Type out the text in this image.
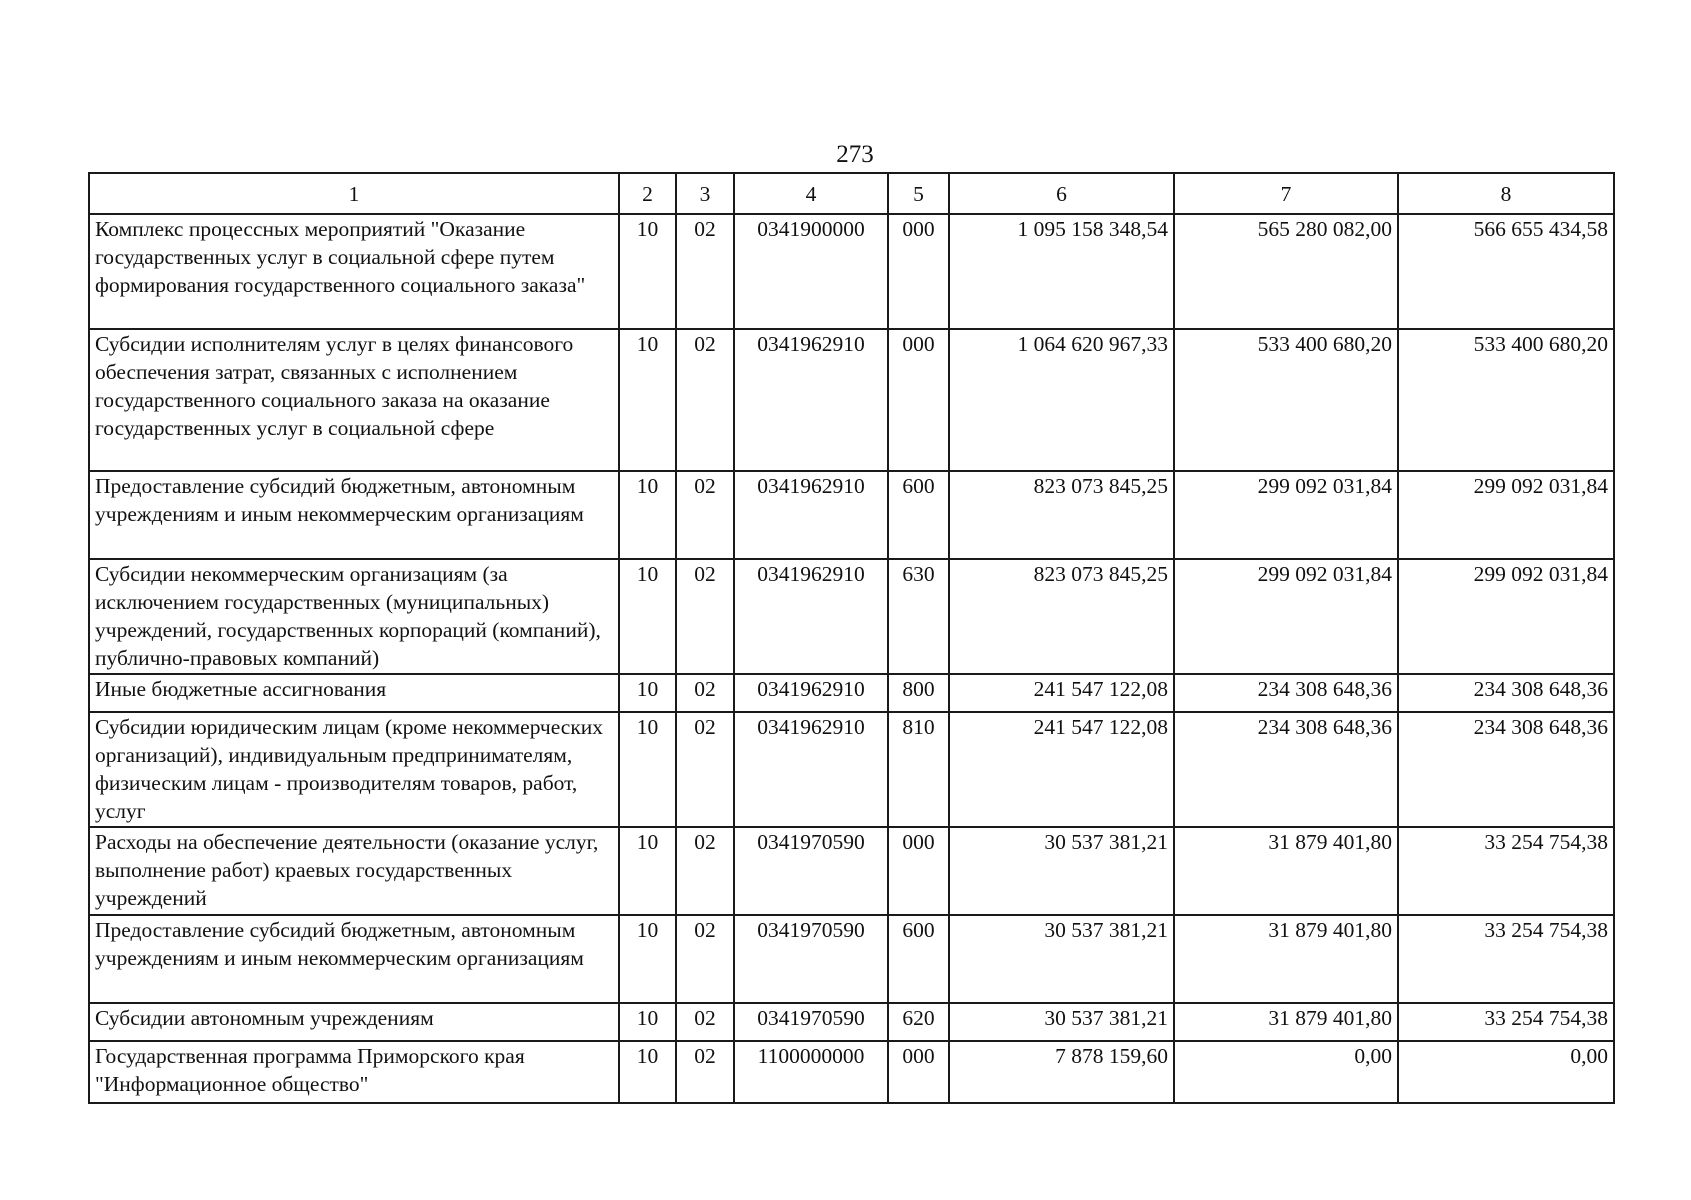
273
1	2	3	4	5	6	7	8
Комплекс процессных мероприятий "Оказание государственных услуг в социальной сфере путем формирования государственного социального заказа"	10	02	0341900000	000	1 095 158 348,54	565 280 082,00	566 655 434,58
Субсидии исполнителям услуг в целях финансового обеспечения затрат, связанных с исполнением государственного социального заказа на оказание государственных услуг в социальной сфере	10	02	0341962910	000	1 064 620 967,33	533 400 680,20	533 400 680,20
Предоставление субсидий бюджетным, автономным учреждениям и иным некоммерческим организациям	10	02	0341962910	600	823 073 845,25	299 092 031,84	299 092 031,84
Субсидии некоммерческим организациям (за исключением государственных (муниципальных) учреждений, государственных корпораций (компаний), публично-правовых компаний)	10	02	0341962910	630	823 073 845,25	299 092 031,84	299 092 031,84
Иные бюджетные ассигнования	10	02	0341962910	800	241 547 122,08	234 308 648,36	234 308 648,36
Субсидии юридическим лицам (кроме некоммерческих организаций), индивидуальным предпринимателям, физическим лицам - производителям товаров, работ, услуг	10	02	0341962910	810	241 547 122,08	234 308 648,36	234 308 648,36
Расходы на обеспечение деятельности (оказание услуг, выполнение работ) краевых государственных учреждений	10	02	0341970590	000	30 537 381,21	31 879 401,80	33 254 754,38
Предоставление субсидий бюджетным, автономным учреждениям и иным некоммерческим организациям	10	02	0341970590	600	30 537 381,21	31 879 401,80	33 254 754,38
Субсидии автономным учреждениям	10	02	0341970590	620	30 537 381,21	31 879 401,80	33 254 754,38
Государственная программа Приморского края "Информационное общество"	10	02	1100000000	000	7 878 159,60	0,00	0,00
